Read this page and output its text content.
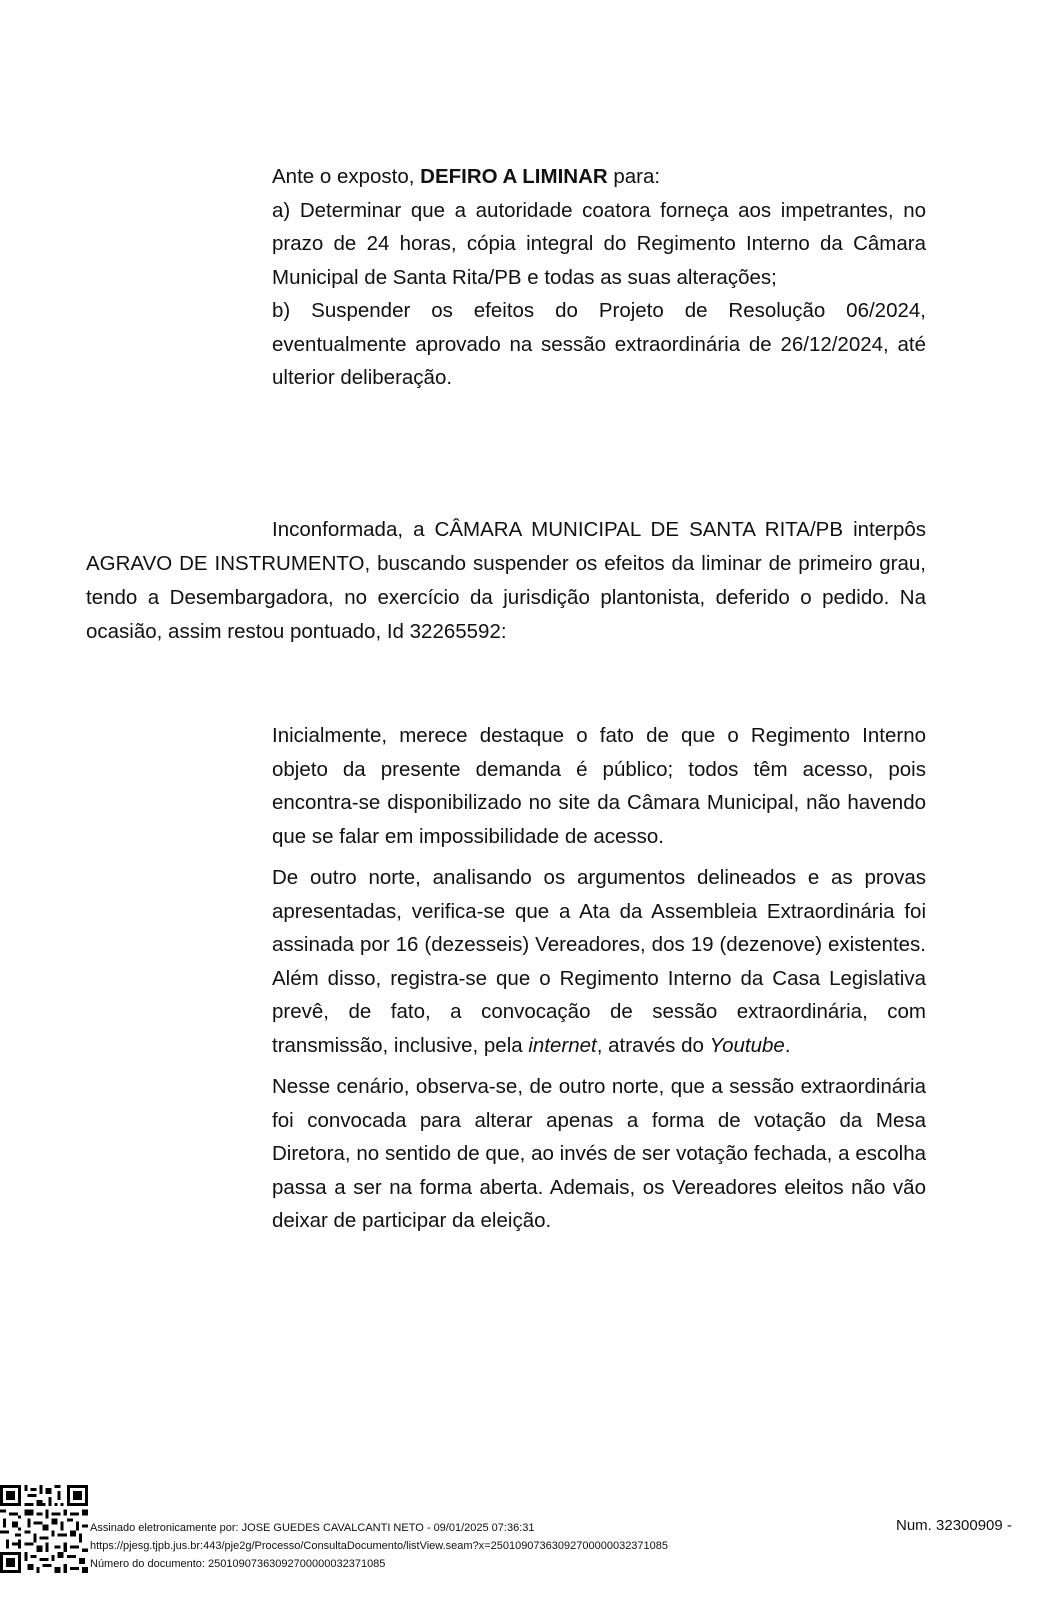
Ante o exposto, DEFIRO A LIMINAR para:

a) Determinar que a autoridade coatora forneça aos impetrantes, no prazo de 24 horas, cópia integral do Regimento Interno da Câmara Municipal de Santa Rita/PB e todas as suas alterações;

b) Suspender os efeitos do Projeto de Resolução 06/2024, eventualmente aprovado na sessão extraordinária de 26/12/2024, até ulterior deliberação.

Inconformada, a CÂMARA MUNICIPAL DE SANTA RITA/PB interpôs AGRAVO DE INSTRUMENTO, buscando suspender os efeitos da liminar de primeiro grau, tendo a Desembargadora, no exercício da jurisdição plantonista, deferido o pedido. Na ocasião, assim restou pontuado, Id 32265592:

Inicialmente, merece destaque o fato de que o Regimento Interno objeto da presente demanda é público; todos têm acesso, pois encontra-se disponibilizado no site da Câmara Municipal, não havendo que se falar em impossibilidade de acesso.

De outro norte, analisando os argumentos delineados e as provas apresentadas, verifica-se que a Ata da Assembleia Extraordinária foi assinada por 16 (dezesseis) Vereadores, dos 19 (dezenove) existentes. Além disso, registra-se que o Regimento Interno da Casa Legislativa prevê, de fato, a convocação de sessão extraordinária, com transmissão, inclusive, pela internet, através do Youtube.

Nesse cenário, observa-se, de outro norte, que a sessão extraordinária foi convocada para alterar apenas a forma de votação da Mesa Diretora, no sentido de que, ao invés de ser votação fechada, a escolha passa a ser na forma aberta. Ademais, os Vereadores eleitos não vão deixar de participar da eleição.

Assinado eletronicamente por: JOSE GUEDES CAVALCANTI NETO - 09/01/2025 07:36:31
https://pjesg.tjpb.jus.br:443/pje2g/Processo/ConsultaDocumento/listView.seam?x=25010907363092700000032371085
Número do documento: 25010907363092700000032371085
Num. 32300909 -
